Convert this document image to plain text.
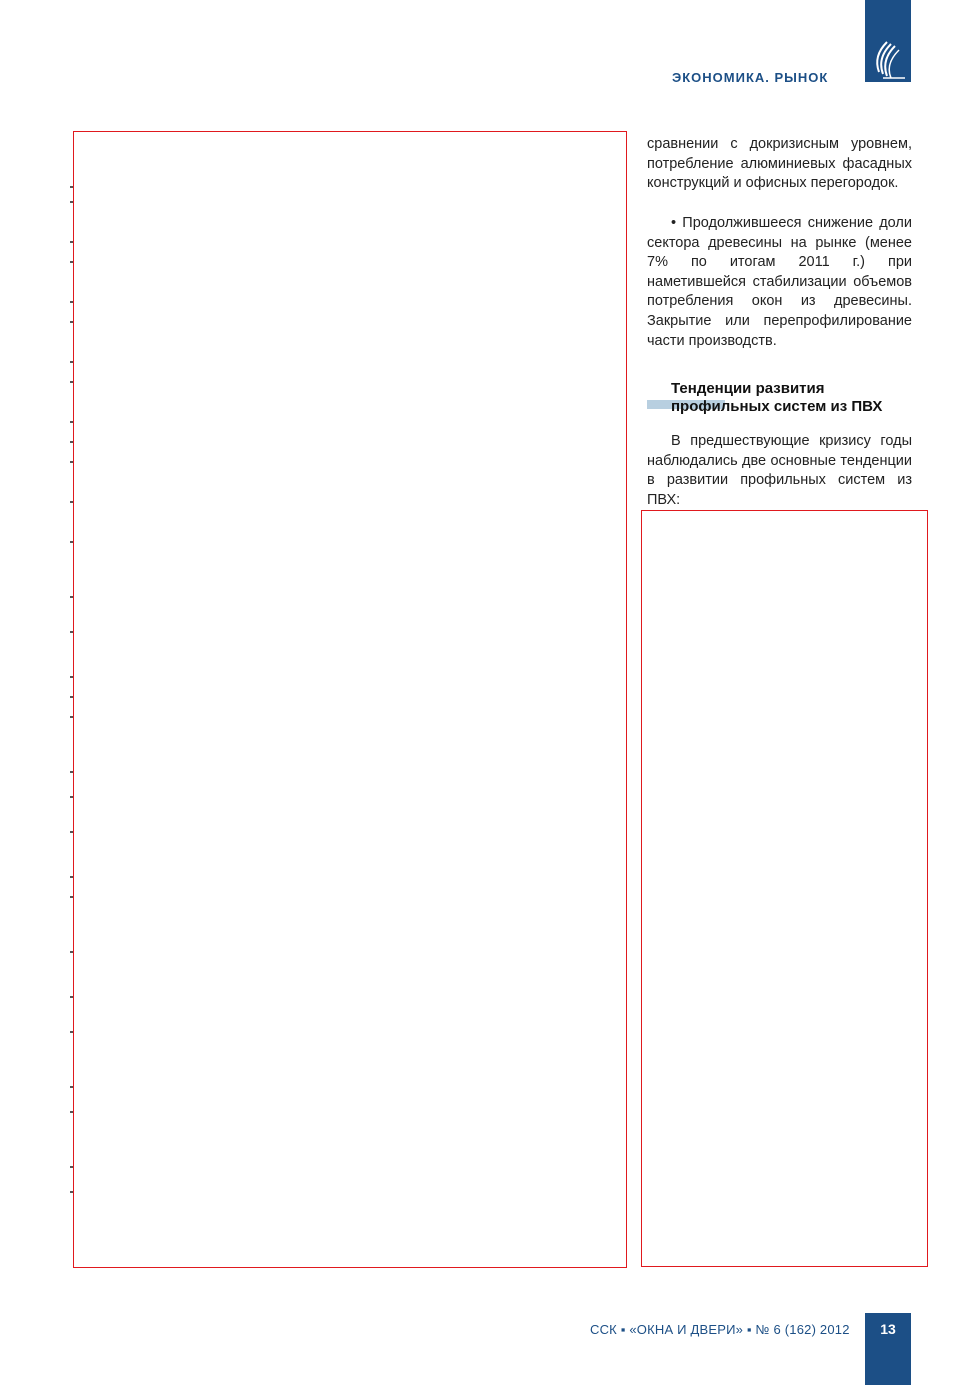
ЭКОНОМИКА. РЫНОК

сравнении с докризисным уровнем, потребление алюминиевых фасадных конструкций и офисных перегородок.

• Продолжившееся снижение доли сектора древесины на рынке (менее 7% по итогам 2011 г.) при наметившейся стабилизации объемов потребления окон из древесины. Закрытие или перепрофилирование части производств.

Тенденции развития
профильных систем из ПВХ

В предшествующие кризису годы наблюдались две основные тенденции в развитии профильных систем из ПВХ:

ССК ▪ «ОКНА И ДВЕРИ» ▪ № 6 (162) 2012	13
